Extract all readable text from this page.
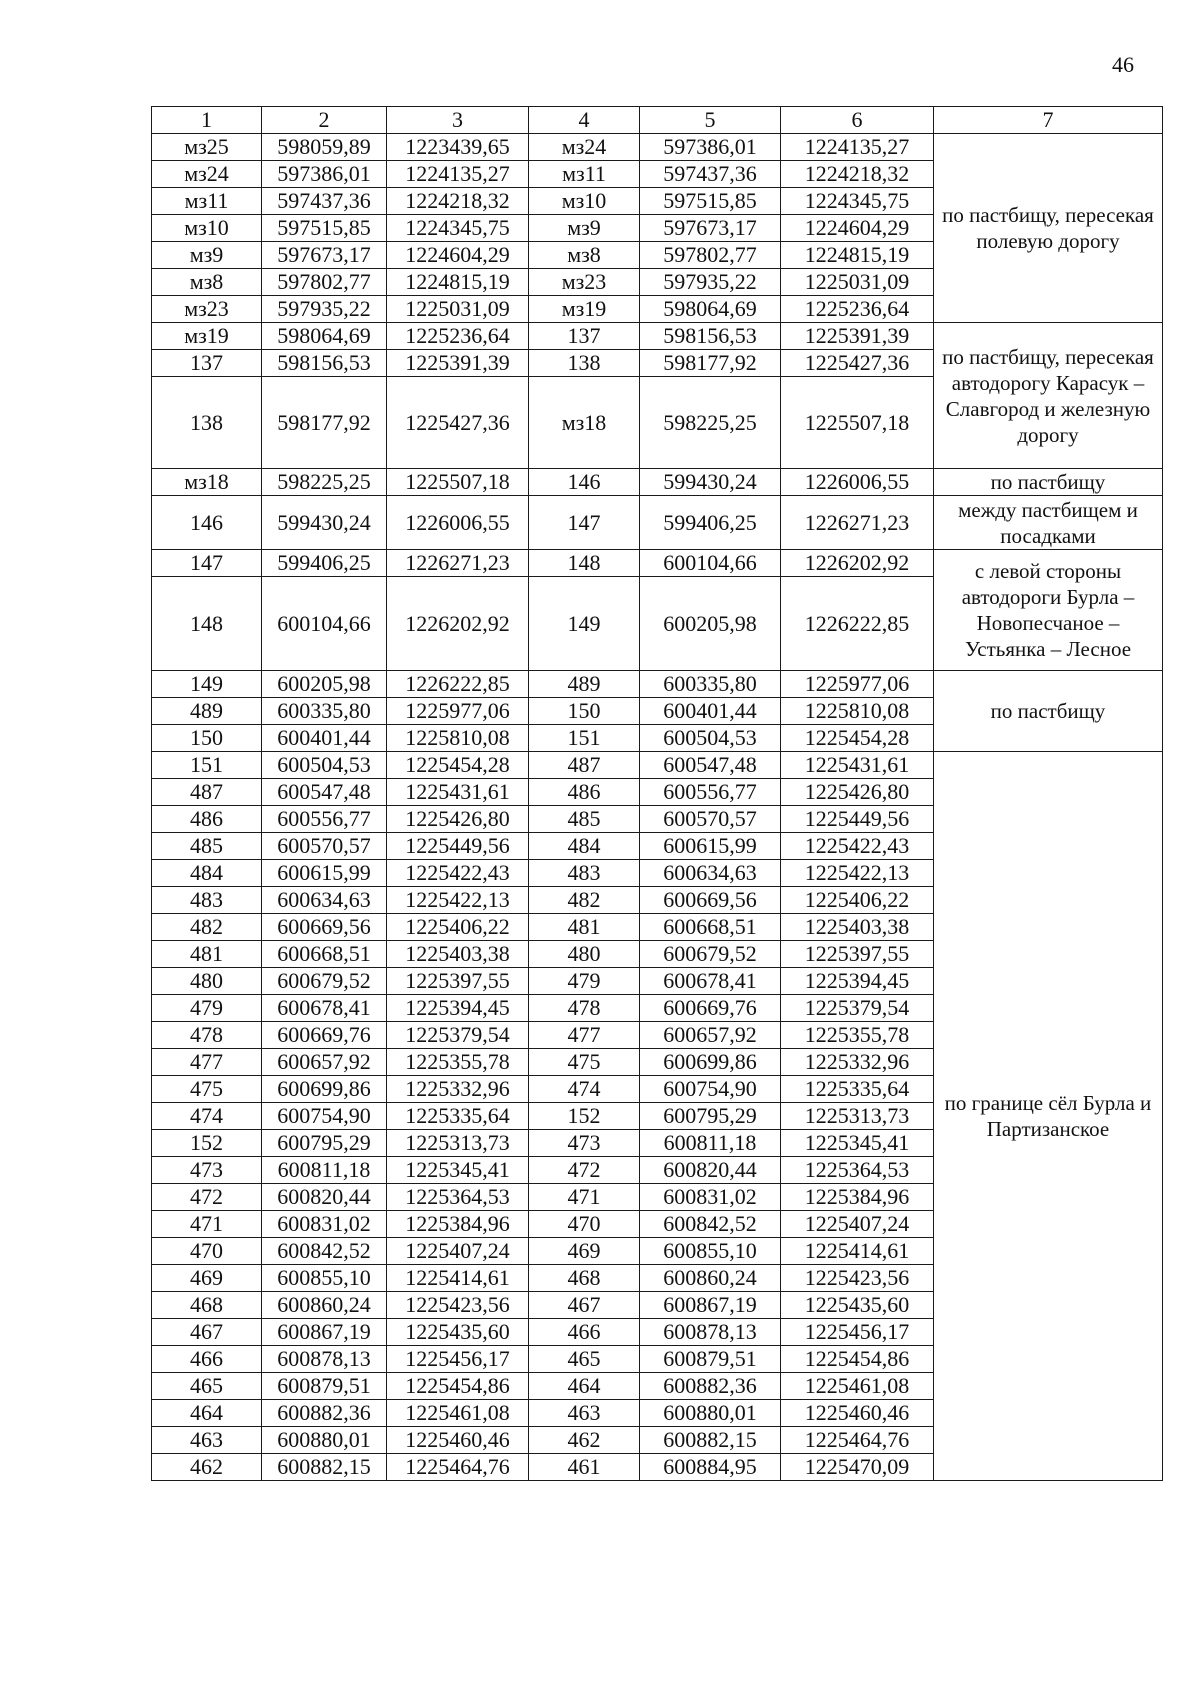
46
1	2	3	4	5	6	7
мз25	598059,89	1223439,65	мз24	597386,01	1224135,27	по пастбищу, пересекая полевую дорогу
мз24	597386,01	1224135,27	мз11	597437,36	1224218,32	
мз11	597437,36	1224218,32	мз10	597515,85	1224345,75	
мз10	597515,85	1224345,75	мз9	597673,17	1224604,29	
мз9	597673,17	1224604,29	мз8	597802,77	1224815,19	
мз8	597802,77	1224815,19	мз23	597935,22	1225031,09	
мз23	597935,22	1225031,09	мз19	598064,69	1225236,64	
мз19	598064,69	1225236,64	137	598156,53	1225391,39	по пастбищу, пересекая автодорогу Карасук – Славгород и железную дорогу
137	598156,53	1225391,39	138	598177,92	1225427,36	
138	598177,92	1225427,36	мз18	598225,25	1225507,18	
мз18	598225,25	1225507,18	146	599430,24	1226006,55	по пастбищу
146	599430,24	1226006,55	147	599406,25	1226271,23	между пастбищем и посадками
147	599406,25	1226271,23	148	600104,66	1226202,92	с левой стороны автодороги Бурла – Новопесчаное – Устьянка – Лесное
148	600104,66	1226202,92	149	600205,98	1226222,85	
149	600205,98	1226222,85	489	600335,80	1225977,06	по пастбищу
489	600335,80	1225977,06	150	600401,44	1225810,08	
150	600401,44	1225810,08	151	600504,53	1225454,28	
151	600504,53	1225454,28	487	600547,48	1225431,61	по границе сёл Бурла и Партизанское
487	600547,48	1225431,61	486	600556,77	1225426,80	
486	600556,77	1225426,80	485	600570,57	1225449,56	
485	600570,57	1225449,56	484	600615,99	1225422,43	
484	600615,99	1225422,43	483	600634,63	1225422,13	
483	600634,63	1225422,13	482	600669,56	1225406,22	
482	600669,56	1225406,22	481	600668,51	1225403,38	
481	600668,51	1225403,38	480	600679,52	1225397,55	
480	600679,52	1225397,55	479	600678,41	1225394,45	
479	600678,41	1225394,45	478	600669,76	1225379,54	
478	600669,76	1225379,54	477	600657,92	1225355,78	
477	600657,92	1225355,78	475	600699,86	1225332,96	
475	600699,86	1225332,96	474	600754,90	1225335,64	
474	600754,90	1225335,64	152	600795,29	1225313,73	
152	600795,29	1225313,73	473	600811,18	1225345,41	
473	600811,18	1225345,41	472	600820,44	1225364,53	
472	600820,44	1225364,53	471	600831,02	1225384,96	
471	600831,02	1225384,96	470	600842,52	1225407,24	
470	600842,52	1225407,24	469	600855,10	1225414,61	
469	600855,10	1225414,61	468	600860,24	1225423,56	
468	600860,24	1225423,56	467	600867,19	1225435,60	
467	600867,19	1225435,60	466	600878,13	1225456,17	
466	600878,13	1225456,17	465	600879,51	1225454,86	
465	600879,51	1225454,86	464	600882,36	1225461,08	
464	600882,36	1225461,08	463	600880,01	1225460,46	
463	600880,01	1225460,46	462	600882,15	1225464,76	
462	600882,15	1225464,76	461	600884,95	1225470,09	
